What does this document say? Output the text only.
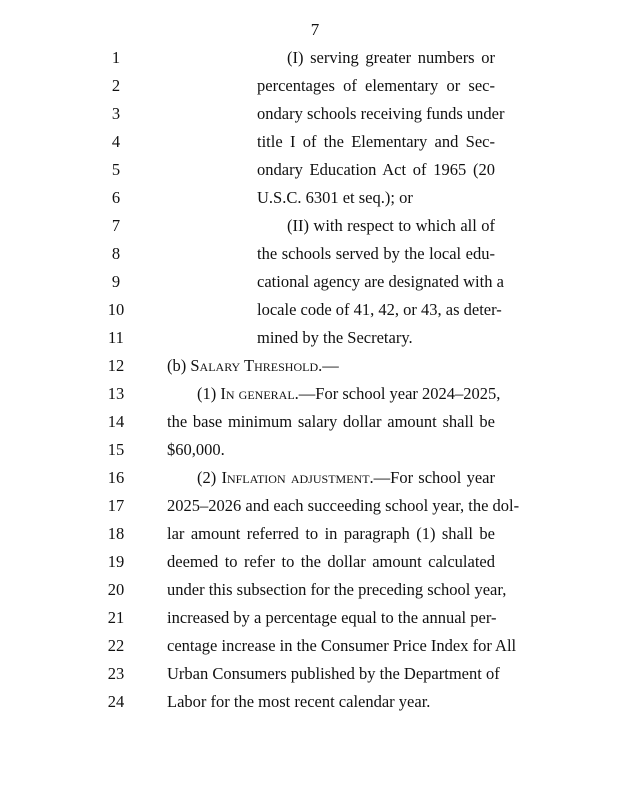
7
1	(I) serving greater numbers or
2	percentages of elementary or sec-
3	ondary schools receiving funds under
4	title I of the Elementary and Sec-
5	ondary Education Act of 1965 (20
6	U.S.C. 6301 et seq.); or
7	(II) with respect to which all of
8	the schools served by the local edu-
9	cational agency are designated with a
10	locale code of 41, 42, or 43, as deter-
11	mined by the Secretary.
12	(b) Salary Threshold.—
13	(1) In general.—For school year 2024–2025,
14	the base minimum salary dollar amount shall be
15	$60,000.
16	(2) Inflation adjustment.—For school year
17	2025–2026 and each succeeding school year, the dol-
18	lar amount referred to in paragraph (1) shall be
19	deemed to refer to the dollar amount calculated
20	under this subsection for the preceding school year,
21	increased by a percentage equal to the annual per-
22	centage increase in the Consumer Price Index for All
23	Urban Consumers published by the Department of
24	Labor for the most recent calendar year.
